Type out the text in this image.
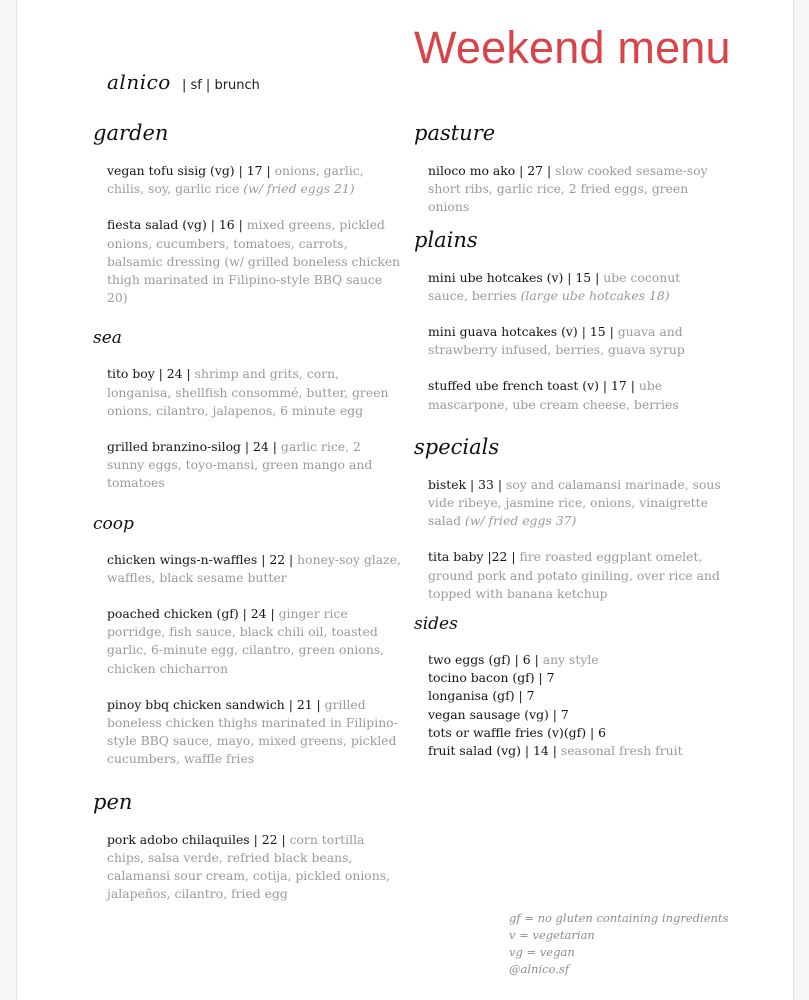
Weekend menu
alnico | sf | brunch
garden
vegan tofu sisig (vg) | 17 | onions, garlic, chilis, soy, garlic rice (w/ fried eggs 21)
fiesta salad (vg) | 16 | mixed greens, pickled onions, cucumbers, tomatoes, carrots, balsamic dressing (w/ grilled boneless chicken thigh marinated in Filipino-style BBQ sauce 20)
sea
tito boy | 24 | shrimp and grits, corn, longanisa, shellfish consommé, butter, green onions, cilantro, jalapenos, 6 minute egg
grilled branzino-silog | 24 | garlic rice, 2 sunny eggs, toyo-mansi, green mango and tomatoes
coop
chicken wings-n-waffles | 22 | honey-soy glaze, waffles, black sesame butter
poached chicken (gf) | 24 | ginger rice porridge, fish sauce, black chili oil, toasted garlic, 6-minute egg, cilantro, green onions, chicken chicharron
pinoy bbq chicken sandwich | 21 | grilled boneless chicken thighs marinated in Filipino-style BBQ sauce, mayo, mixed greens, pickled cucumbers, waffle fries
pen
pork adobo chilaquiles | 22 | corn tortilla chips, salsa verde, refried black beans, calamansi sour cream, cotija, pickled onions, jalapeños, cilantro, fried egg
pasture
niloco mo ako | 27 | slow cooked sesame-soy short ribs, garlic rice, 2 fried eggs, green onions
plains
mini ube hotcakes (v) | 15 | ube coconut sauce, berries (large ube hotcakes 18)
mini guava hotcakes (v) | 15 | guava and strawberry infused, berries, guava syrup
stuffed ube french toast (v) | 17 | ube mascarpone, ube cream cheese, berries
specials
bistek | 33 | soy and calamansi marinade, sous vide ribeye, jasmine rice, onions, vinaigrette salad (w/ fried eggs 37)
tita baby |22 | fire roasted eggplant omelet, ground pork and potato giniling, over rice and topped with banana ketchup
sides
two eggs (gf) | 6 | any style
tocino bacon (gf) | 7
longanisa (gf) | 7
vegan sausage (vg) | 7
tots or waffle fries (v)(gf) | 6
fruit salad (vg) | 14 | seasonal fresh fruit
gf = no gluten containing ingredients
v = vegetarian
vg = vegan
@alnico.sf
